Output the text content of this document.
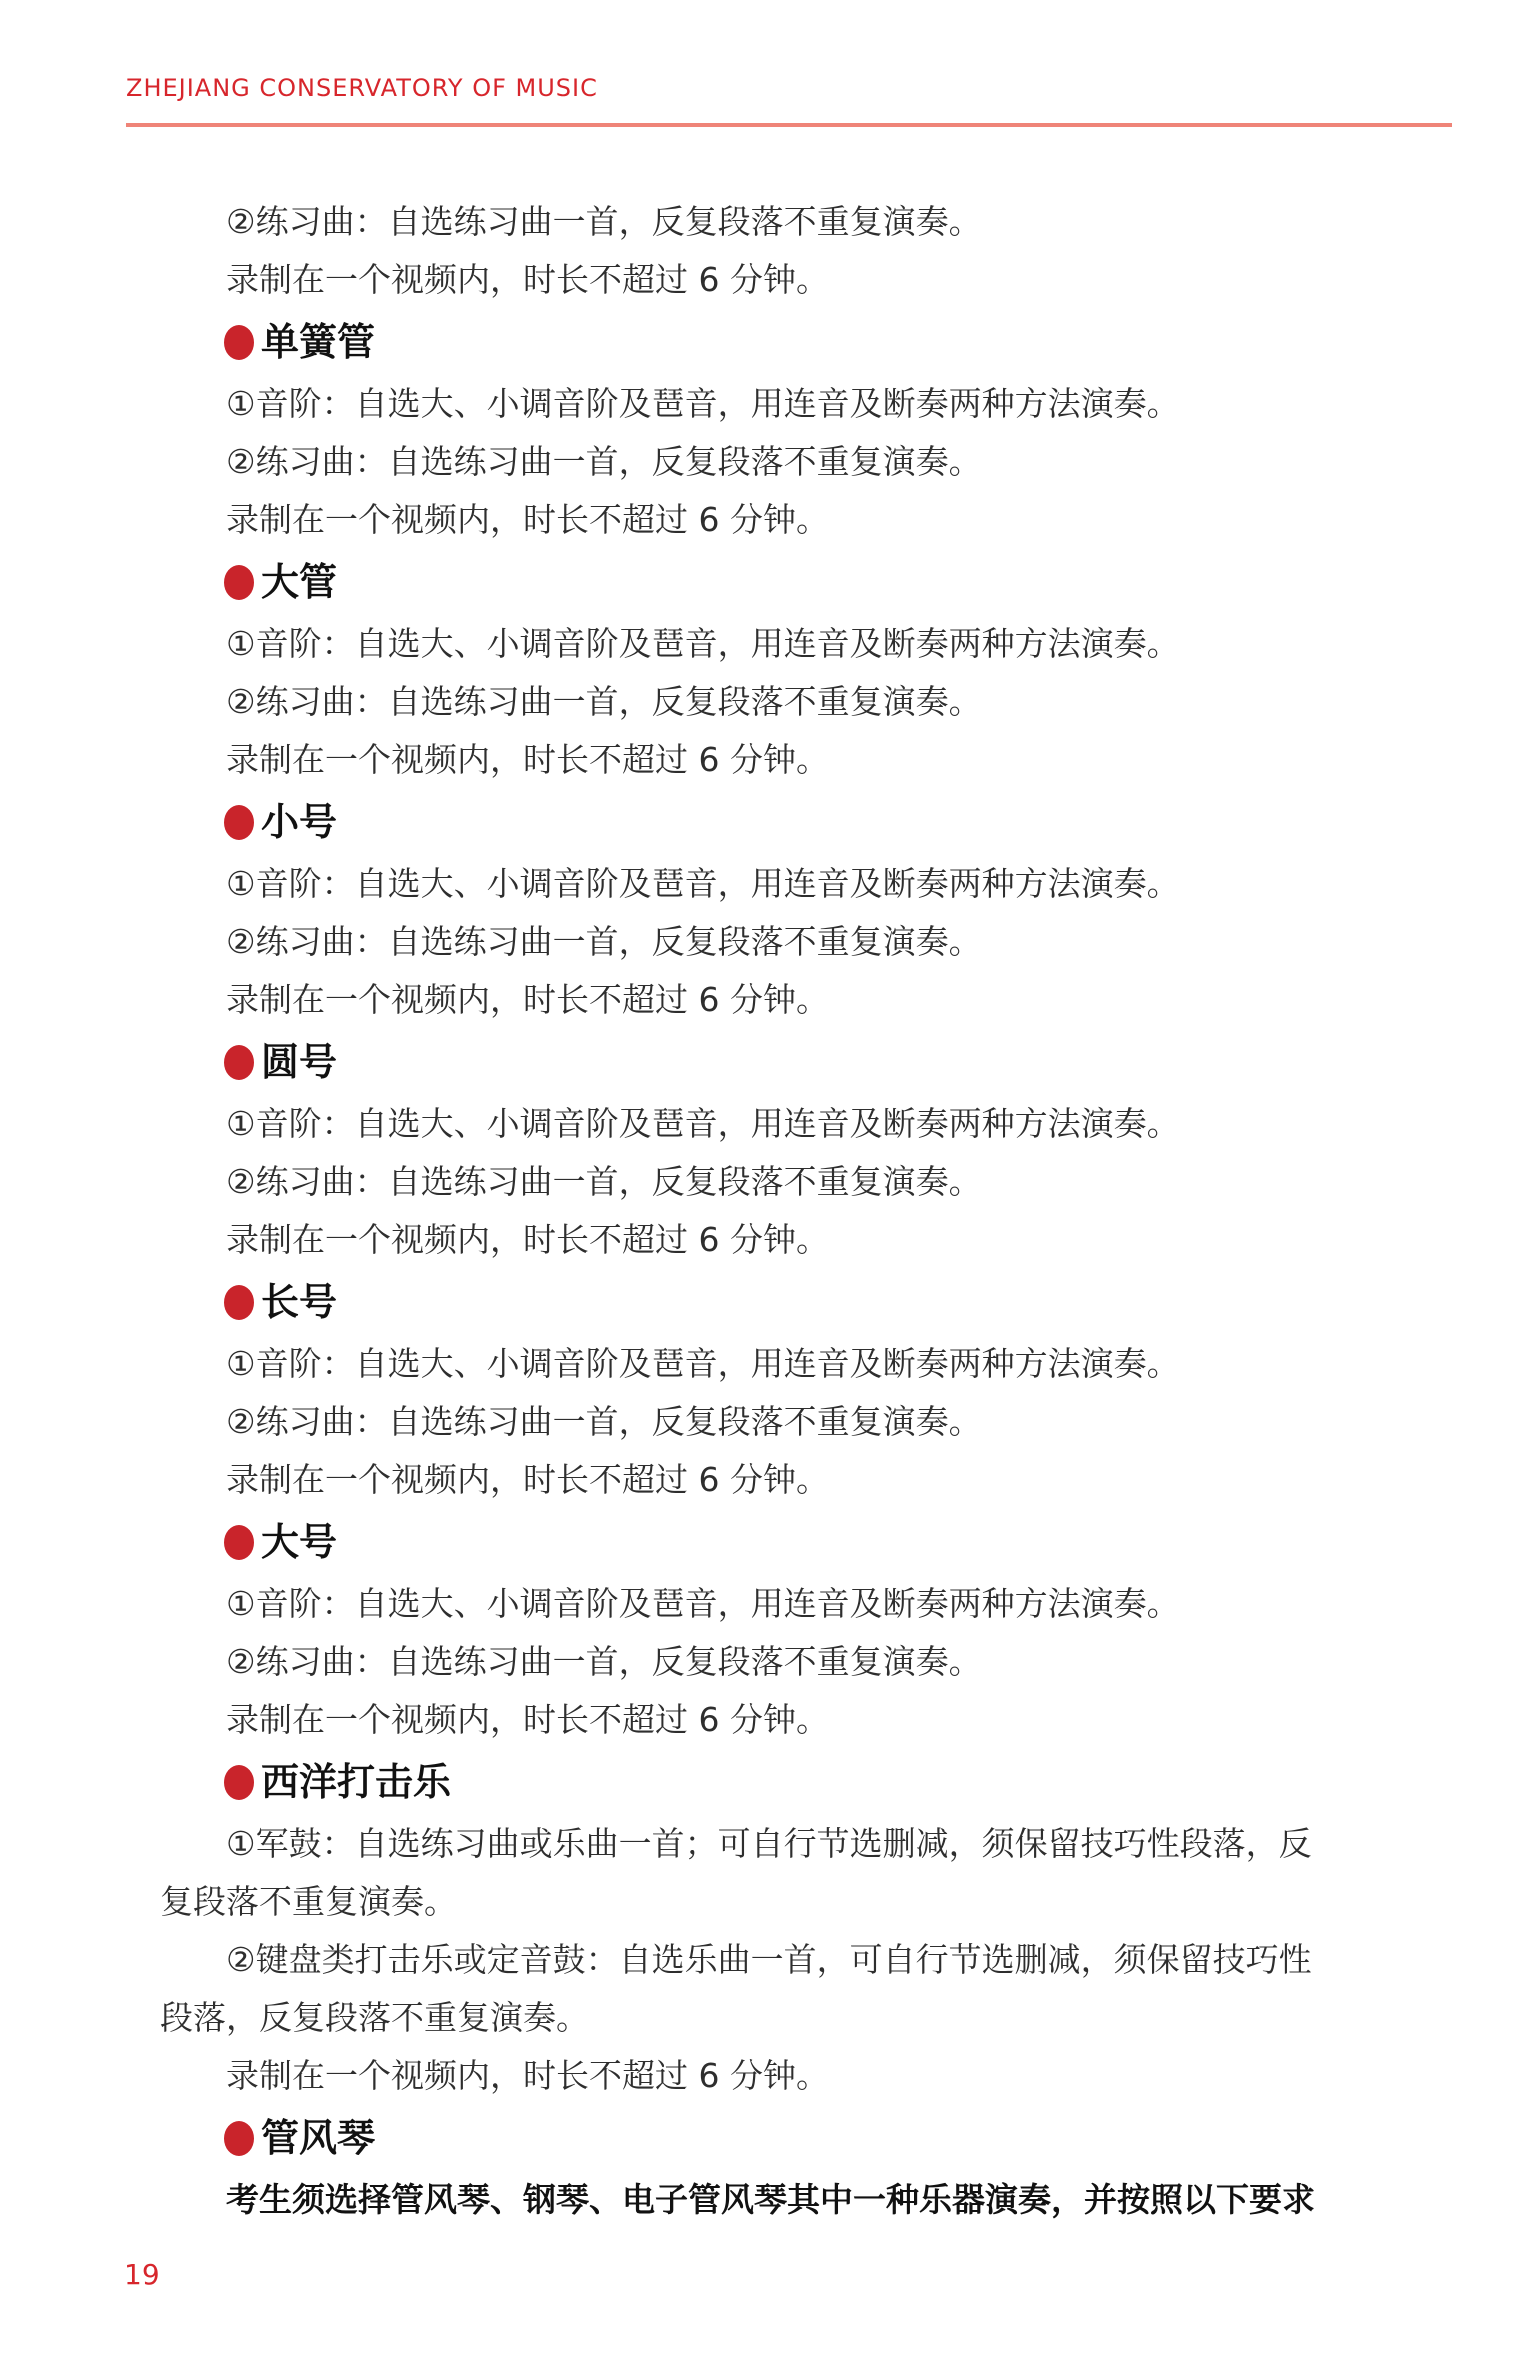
ZHEJIANG CONSERVATORY OF MUSIC
②练习曲：自选练习曲一首，反复段落不重复演奏。
录制在一个视频内，时长不超过 6 分钟。
单簧管
①音阶：自选大、小调音阶及琶音，用连音及断奏两种方法演奏。
②练习曲：自选练习曲一首，反复段落不重复演奏。
录制在一个视频内，时长不超过 6 分钟。
大管
①音阶：自选大、小调音阶及琶音，用连音及断奏两种方法演奏。
②练习曲：自选练习曲一首，反复段落不重复演奏。
录制在一个视频内，时长不超过 6 分钟。
小号
①音阶：自选大、小调音阶及琶音，用连音及断奏两种方法演奏。
②练习曲：自选练习曲一首，反复段落不重复演奏。
录制在一个视频内，时长不超过 6 分钟。
圆号
①音阶：自选大、小调音阶及琶音，用连音及断奏两种方法演奏。
②练习曲：自选练习曲一首，反复段落不重复演奏。
录制在一个视频内，时长不超过 6 分钟。
长号
①音阶：自选大、小调音阶及琶音，用连音及断奏两种方法演奏。
②练习曲：自选练习曲一首，反复段落不重复演奏。
录制在一个视频内，时长不超过 6 分钟。
大号
①音阶：自选大、小调音阶及琶音，用连音及断奏两种方法演奏。
②练习曲：自选练习曲一首，反复段落不重复演奏。
录制在一个视频内，时长不超过 6 分钟。
西洋打击乐
①军鼓：自选练习曲或乐曲一首；可自行节选删减，须保留技巧性段落，反
复段落不重复演奏。
②键盘类打击乐或定音鼓：自选乐曲一首，可自行节选删减，须保留技巧性
段落，反复段落不重复演奏。
录制在一个视频内，时长不超过 6 分钟。
管风琴
考生须选择管风琴、钢琴、电子管风琴其中一种乐器演奏，并按照以下要求
19
